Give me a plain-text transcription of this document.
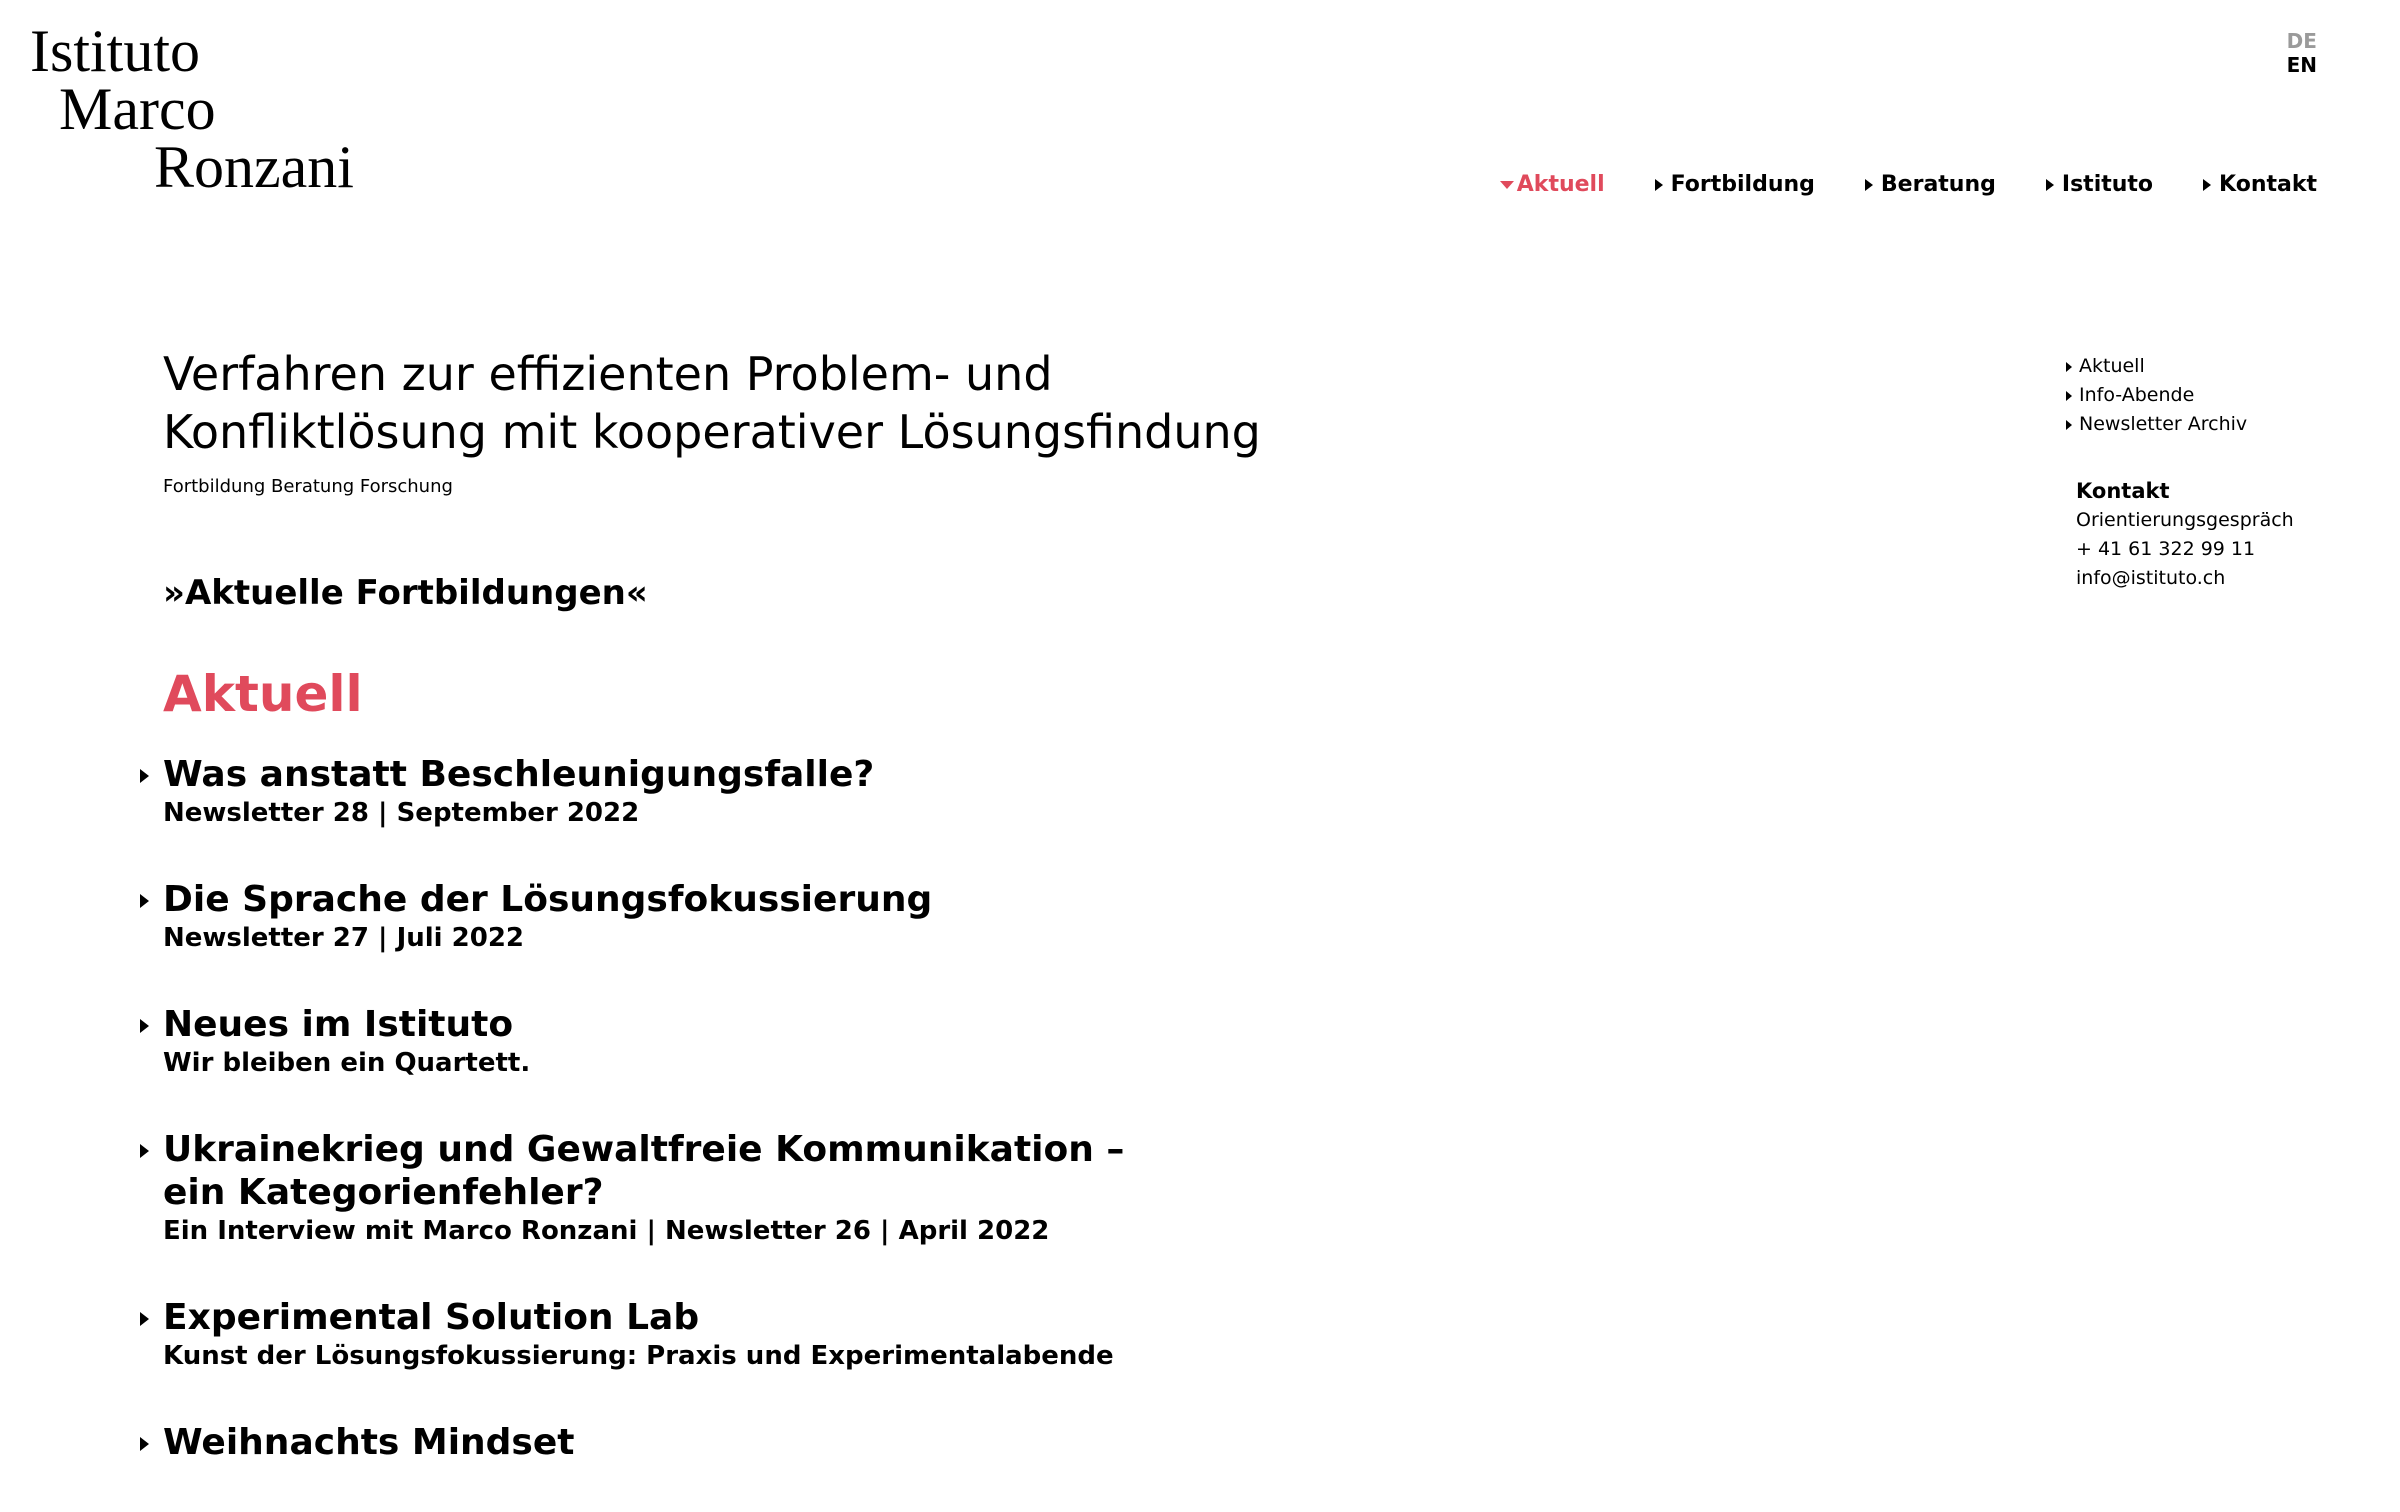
Istituto
Marco
Ronzani
DE
EN
Aktuell	Fortbildung	Beratung	Istituto	Kontakt
Verfahren zur effizienten Problem- und
Konfliktlösung mit kooperativer Lösungsfindung
Fortbildung Beratung Forschung
»Aktuelle Fortbildungen«
Aktuell
Was anstatt Beschleunigungsfalle?
Newsletter 28 | September 2022
Die Sprache der Lösungsfokussierung
Newsletter 27 | Juli 2022
Neues im Istituto
Wir bleiben ein Quartett.
Ukrainekrieg und Gewaltfreie Kommunikation – ein Kategorienfehler?
Ein Interview mit Marco Ronzani | Newsletter 26 | April 2022
Experimental Solution Lab
Kunst der Lösungsfokussierung: Praxis und Experimentalabende
Weihnachts Mindset
Aktuell
Info-Abende
Newsletter Archiv
Kontakt
Orientierungsgespräch
+ 41 61 322 99 11
info@istituto.ch
